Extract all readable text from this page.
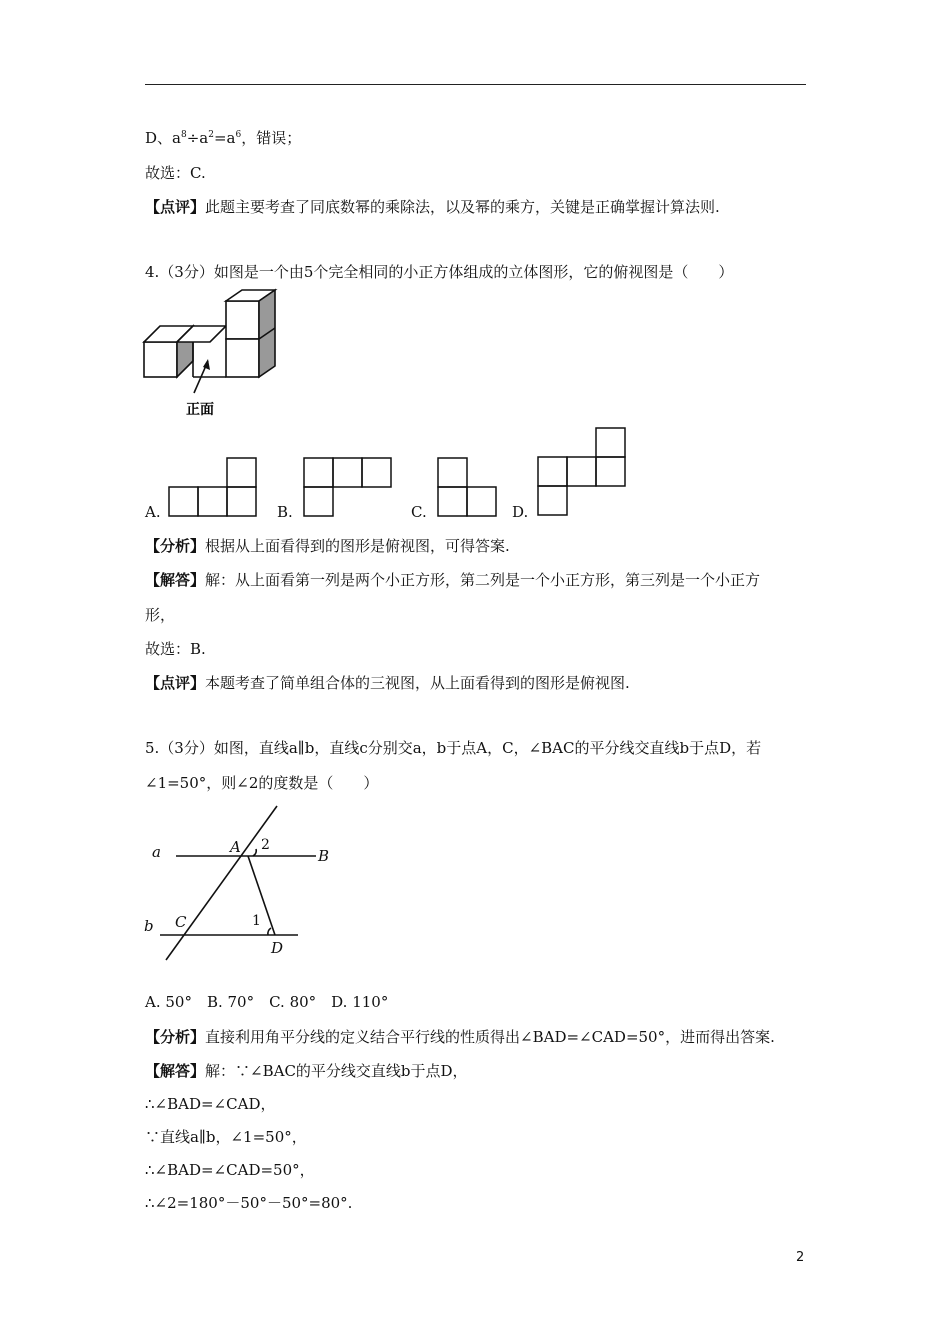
D、$a^8\div a^2=a^6$，错误；
故选：C.
【点评】此题主要考查了同底数幂的乘除法，以及幂的乘方，关键是正确掌握计算法则.
4.（3分）如图是一个由5个完全相同的小正方体组成的立体图形，它的俯视图是（　　）
正面
A.	B.	C.	D.
【分析】根据从上面看得到的图形是俯视图，可得答案.
【解答】解：从上面看第一列是两个小正方形，第二列是一个小正方形，第三列是一个小正方
形，
故选：B.
【点评】本题考查了简单组合体的三视图，从上面看得到的图形是俯视图.
5.（3分）如图，直线a∥b，直线c分别交a，b于点A，C，∠BAC的平分线交直线b于点D，若
∠1=50°，则∠2的度数是（　　）
a
b
A	B
C
D
1
2
A. 50°　B. 70°　C. 80°　D. 110°
【分析】直接利用角平分线的定义结合平行线的性质得出∠BAD=∠CAD=50°，进而得出答案.
【解答】解：∵∠BAC的平分线交直线b于点D，
∴∠BAD=∠CAD，
∵直线a∥b，∠1=50°，
∴∠BAD=∠CAD=50°，
∴∠2=180°－50°－50°=80°.
2
